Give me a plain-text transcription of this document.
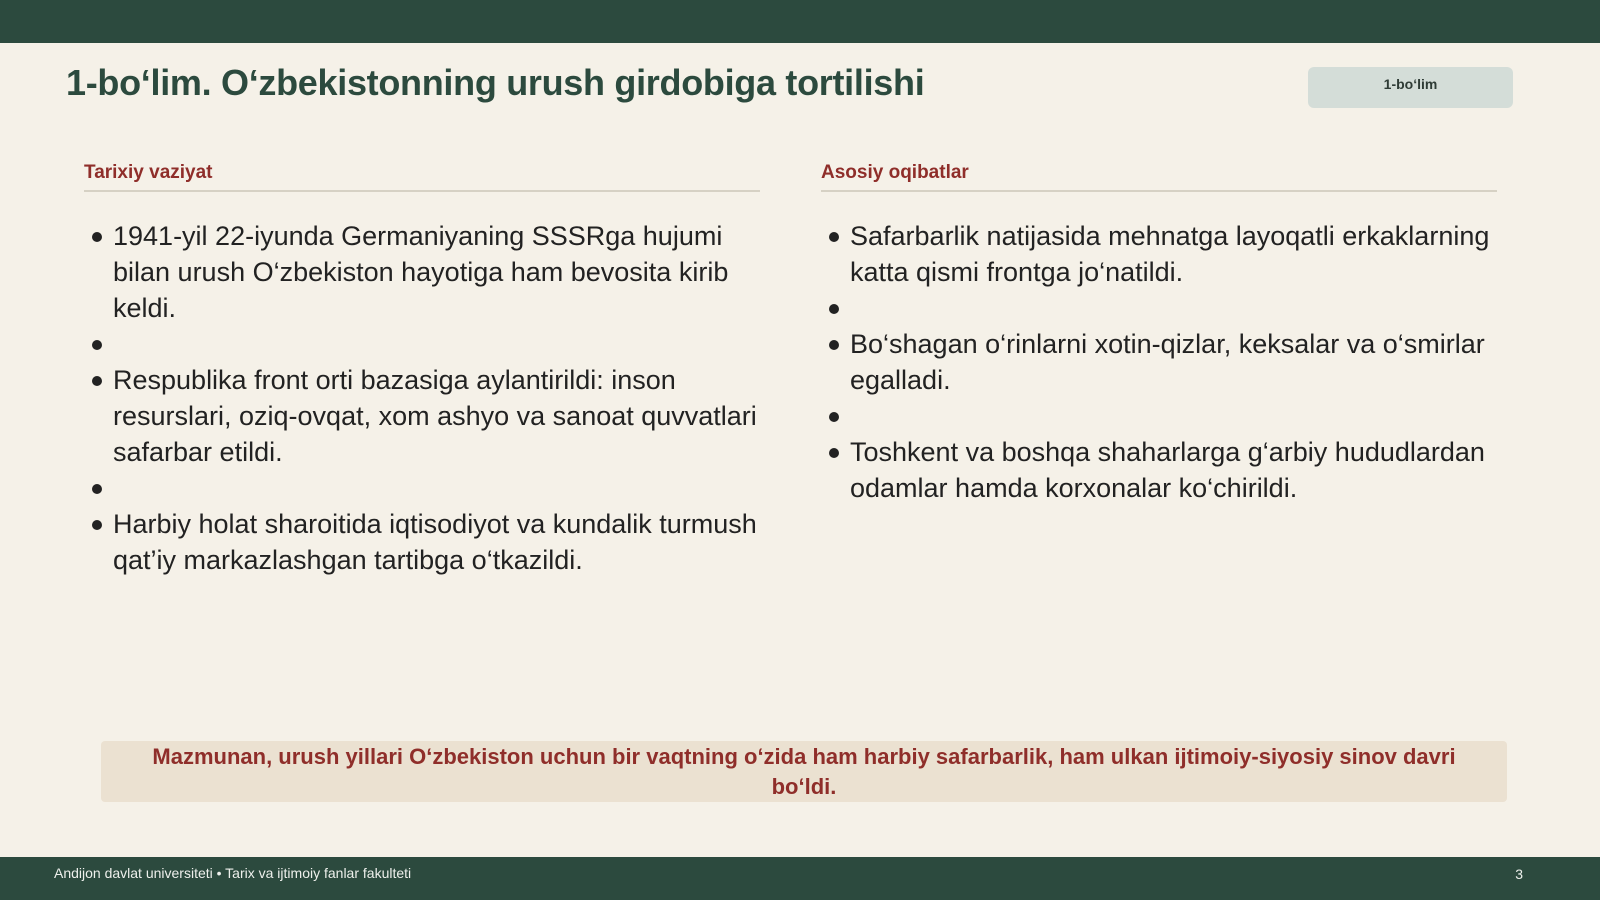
1-bo‘lim. O‘zbekistonning urush girdobiga tortilishi	1-bo‘lim
Tarixiy vaziyat
1941-yil 22-iyunda Germaniyaning SSSRga hujumi bilan urush O‘zbekiston hayotiga ham bevosita kirib keldi.
Respublika front orti bazasiga aylantirildi: inson resurslari, oziq-ovqat, xom ashyo va sanoat quvvatlari safarbar etildi.
Harbiy holat sharoitida iqtisodiyot va kundalik turmush qat’iy markazlashgan tartibga o‘tkazildi.
Asosiy oqibatlar
Safarbarlik natijasida mehnatga layoqatli erkaklarning katta qismi frontga jo‘natildi.
Bo‘shagan o‘rinlarni xotin-qizlar, keksalar va o‘smirlar egalladi.
Toshkent va boshqa shaharlarga g‘arbiy hududlardan odamlar hamda korxonalar ko‘chirildi.
Mazmunan, urush yillari O‘zbekiston uchun bir vaqtning o‘zida ham harbiy safarbarlik, ham ulkan ijtimoiy-siyosiy sinov davri bo‘ldi.
Andijon davlat universiteti • Tarix va ijtimoiy fanlar fakulteti	3
